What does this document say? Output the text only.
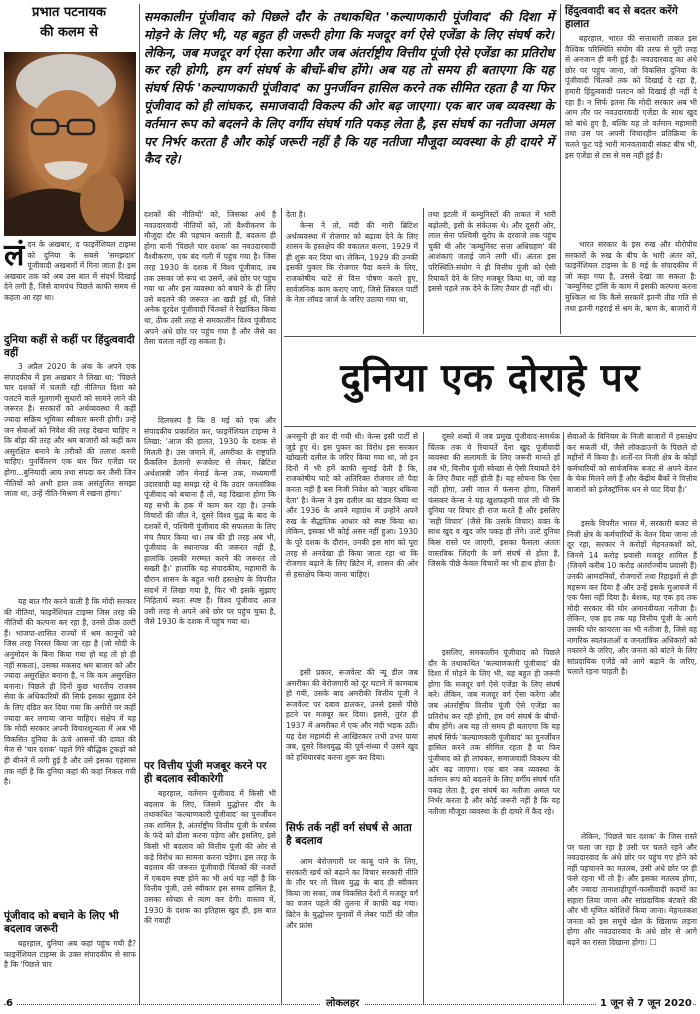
प्रभात पटनायक
की कलम से
लं दन के अखबार, द फाइनेंशियल टाइम्स को दुनिया के सबसे 'समझदार' पूंजीवादी अखबारों में गिना जाता है। इस अखबार तक को अब उस बात में संदर्भ दिखाई देने लगी है, जिसे वामपंथ पिछले काफी समय से कहता आ रहा था।
दुनिया कहीं से कहीं पर हिंदुत्ववादी वहीं
3 अप्रैल 2020 के अंक के अपने एक संपादकीय में इस अखबार ने लिखा था: 'पिछले चार दशकों में चलती रही नीतिगत दिशा को पलटने वाले मूलगामी सुधारों को सामने लाने की जरूरत है। सरकारों को अर्थव्यवस्था में कहीं ज्यादा सक्रिय भूमिका स्वीकार करनी होगी। उन्हें जन सेवाओं को निवेश की तरह देखना चाहिए न कि बोझ की तरह और श्रम बाजारों को कहीं कम असुरक्षित बनाने के तरीकों की तलाश करनी चाहिए। पुनर्वितरण एक बार फिर एजेंडा पर होगा...बुनियादी आय तथा संपदा कर जैसी जिन नीतियों को अभी हाल तक असंतुलित समझा जाता था, उन्हें नीति-मिश्रण में रखना होगा।'
यह बात गौर करने वाली है कि मोदी सरकार की नीतियां, फाइनेंशियल टाइम्स जिस तरह की नीतियों की कल्पना कर रहा है, उनसे ठीक उल्टी हैं। भाजपा-शासित राज्यों में श्रम कानूनों को जिस तरह निरस्त किया जा रहा है (जो मोदी के अनुमोदन के बिना किया गया हो यह तो हो ही नहीं सकता), उसका मकसद श्रम बाजार को और ज्यादा असुरक्षित बनाना है, न कि कम असुरक्षित बनाना। पिछले ही दिनों कुछ भारतीय राजस्व सेवा के अधिकारियों की सिर्फ इसका सुझाव देने के लिए दंडित कर दिया गया कि अमीरों पर कहीं ज्यादा कर लगाया जाना चाहिए। संक्षेप में यह कि मोदी सरकार अपनी विचारशून्यता में अब भी विकसित दुनिया के ऊंचे आसनों की दावत की मेज से 'चार दशक' पहले गिरे बौद्धिक टुकड़ों को ही बीनने में लगी हुई है और उसे इसका एहसास तक नहीं है कि दुनिया कहां की कहां निकल गयी है।
पूंजीवाद को बचाने के लिए भी बदलाव जरूरी
बहरहाल, दुनिया अब कहां पहुंच गयी है? फाइनेंशियल टाइम्स के उक्त संपादकीय से साफ है कि 'पिछले चार
समकालीन पूंजीवाद को पिछले दौर के तथाकथित 'कल्याणकारी पूंजीवाद' की दिशा में मोड़ने के लिए भी, यह बहुत ही जरूरी होगा कि मजदूर वर्ग ऐसे एजेंडा के लिए संघर्ष करे। लेकिन, जब मजदूर वर्ग ऐसा करेगा और जब अंतर्राष्ट्रीय वित्तीय पूंजी ऐसे एजेंडा का प्रतिरोध कर रही होगी, हम वर्ग संघर्ष के बीचों-बीच होंगे। अब यह तो समय ही बताएगा कि यह संघर्ष सिर्फ 'कल्याणकारी पूंजीवाद' का पुनर्जीवन हासिल करने तक सीमित रहता है या फिर पूंजीवाद को ही लांघकर, समाजवादी विकल्प की ओर बढ़ जाएगा। एक बार जब व्यवस्था के वर्तमान रूप को बदलने के लिए वर्गीय संघर्ष गति पकड़ लेता है, इस संघर्ष का नतीजा अमल पर निर्भर करता है और कोई जरूरी नहीं है कि यह नतीजा मौजूदा व्यवस्था के ही दायरे में कैद रहे।
हिंदुत्ववादी बद से बदतर करेंगे हालात
बहरहाल, भारत की सत्ताधारी ताकत इस वैश्विक परिस्थिति संयोग की तरफ से पूरी तरह से अनजान ही बनी हुई है। नवउदारवाद का अंधे छोर पर पहुंच जाना, जो विकसित दुनिया के पूंजीवादी चिंतकों तक को दिखाई दे रहा है, हमारी हिंदुत्ववादी पलटन को दिखाई ही नहीं दे रहा है। न सिर्फ इतना कि मोदी सरकार अब भी आम तौर पर नवउदारवादी एजेंडा के साथ खुद को बांधे हुए है, बल्कि यह तो वर्तमान महामारी तथा उस पर अपनी विचारहीन प्रतिक्रिया के चलते फूट पड़े भारी मानवतावादी संकट बीच भी, इस एजेंडा से टस से मस नहीं हुई है।
भारत सरकार के इस रुख और योरोपीय सरकारों के रुख के बीच के भारी अंतर को, फाइनेंशियल टाइम्स के 8 मई के संपादकीय में जो कहा गया है, उससे देखा जा सकता है: 'कम्युनिस्ट ट्रांसि के काम में इसकी कल्पना करना मुश्किल था कि कैसे सरकारें इतनी तीव्र गति से तथा इतनी गहराई से श्रम के, ऋण के, बाजारों में
दशकों की नीतियों' को, जिसका अर्थ है नवउदारवादी नीतियों को, जो वैश्वीकरण के मौजूदा दौर की पहचान कराती हैं, बदलना ही होगा यानी 'पिछले चार दशक' का नवउदारवादी वैश्वीकरण, एक बंद गली में पहुंच गया है। जिस तरह 1930 के दशक में विश्व पूंजीवाद, तब तक उसका जो रूप था उसमें, अंधे छोर पर पहुंच गया था और इस व्यवस्था को बचाने के ही लिए उसे बदलने की जरूरत आ खड़ी हुई थी, जिसे अनेक दूरदेश पूंजीवादी चिंतकों ने रेखांकित किया था, ठीक उसी तरह से समकालीन विश्व पूंजीवाद अपने अंधे छोर पर पहुंच गया है और जैसे का तैसा चलता नहीं रह सकता है।
दिलचस्प है कि 8 मई को एक और संपादकीय प्रकाशित कर, फाइनेंशियल टाइम्स ने लिखा: 'आज की हालत, 1930 के दशक से मिलती है। उस जमाने में, अमरीका के राष्ट्रपति फ्रैंकलिन डेलानो रूजवेल्ट से लेकर, ब्रिटिश अर्थशास्त्री जॉन मेनार्ड केन्स तक, मध्यमार्गी उदारवादी यह समझ रहे थे कि उदार जनतांत्रिक पूंजीवाद को बचाना है तो, यह दिखाना होगा कि यह सभी के हक में काम कर रहा है। उनके विचारों की जीत ने, दूसरे विश्व युद्ध के बाद के दशकों में, पश्चिमी पूंजीवाद की सफलता के लिए मंच तैयार किया था। तब की ही तरह अब भी, पूंजीवाद के स्थानापन्न की जरूरत नहीं है, हालांकि उसकी मरम्मत करने की जरूरत तो सख्ती है।' हालांकि यह संपादकीय, महामारी के दौरान शासन के बहुत भारी हस्तक्षेप के विपरीत संदर्भ में लिखा गया है, फिर भी इसके सुझाए निहितार्थ स्वतः स्पष्ट हैं। विश्व पूंजीवाद आज उसी तरह से अपने अंधे छोर पर पहुंच चुका है, जैसे 1930 के दशक में पहुंच गया था।
पर वित्तीय पूंजी मजबूर करने पर ही बदलाव स्वीकारेगी
बहरहाल, वर्तमान पूंजीवाद में किसी भी बदलाव के लिए, जिसमें युद्धोत्तर दौर के तथाकथित 'कल्याणकारी पूंजीवाद' का पुनर्जीवन तक शामिल है, अंतर्राष्ट्रीय वित्तीय पूंजी के वर्चस्व के फंदे को ढीला करना पड़ेगा और इसलिए, इसे किसी भी बदलाव को वित्तीय पूंजी की ओर से कड़े विरोध का सामना करना पड़ेगा। इस तरह के बदलाव की जरूरत पूंजीवादी चिंतकों की नजरों में एकदम स्पष्ट होने का भी अर्थ यह नहीं है कि वित्तीय पूंजी, उसे स्वीकार इस समय हासिल है, उसका स्वेच्छा से त्याग कर देगी। वास्तव में, 1930 के दशक का इतिहास खुद ही, इस बात की गवाही
देता है।
केन्स ने तो, मंदी की मारी ब्रिटिश अर्थव्यवस्था में रोजगार को बढ़ावा देने के लिए शासन के हस्तक्षेप की वकालत करना, 1929 में ही शुरू कर दिया था। लेकिन, 1929 की उनकी इसकी पुकार कि रोजगार पैदा करने के लिए, राजकोषीय घाटे से वित्त पोषण करते हुए, सार्वजनिक काम कराए जाएं, जिसे लिबरल पार्टी के नेता लॉयड जार्ज के जरिए उठाया गया था,
तथा इटली में कम्युनिस्टों की ताकत में भारी बढ़ोतरी, इसी के संकेतक थे। और दूसरी ओर, लाल सेना पश्चिमी यूरोप के दरवाजे तक पहुंच चुकी थी और 'कम्युनिस्ट सत्ता अधिग्रहण' की आशंकाएं जताई जाने लगी थीं। अंततः इस परिस्थिति-संयोग ने ही वित्तीय पूंजी को ऐसी रियायतें देने के लिए मजबूर किया था, जो वह इससे पहले तक देने के लिए तैयार ही नहीं थी।
दुनिया एक दोराहे पर
अनसुनी ही कर दी गयी थी। केन्स इसी पार्टी से जुड़े हुए थे। इस पुकार का विरोध इस सरकार खोखली दलील के जरिए किया गया था, जो इन दिनों में भी हमें काफी सुनाई देती है कि, राजकोषीय घाटे को अतिरिक्त रोजगार तो पैदा करता नहीं है बस निजी निवेश को 'बाहर धकिया देता' है। केन्स ने इस दलील का खंडन किया था और 1936 के अपने महाग्रंथ में उन्होंने अपने रुख के सैद्धांतिक आधार को स्पष्ट किया था। लेकिन, इसका भी कोई असर नहीं हुआ। 1930 के पूरे दशक के दौरान, उनकी इस मांग को पूरा तरह से अनदेखा ही किया जाता रहा था कि रोजगार बढ़ाने के लिए ब्रिटेन में, शासन की ओर से हस्तक्षेप किया जाना चाहिए।
इसी प्रकार, रूजवेल्ट की न्यू डील जब अमरीका की बेरोजगारी को दूर घटाने में कामयाब हो गयी, उसके बाद अमरीकी वित्तीय पूंजी ने रूजवेल्ट पर दबाव डालकर, उनसे इससे पीछे हटने पर मजबूर कर दिया। इससे, तुरंत ही 1937 में अमरीका में एक और मंदी भड़क उठी। यह देश महामंदी से आखिरकार तभी उभर पाया जब, दूसरे विश्वयुद्ध की पूर्व-संध्या में उसने खुद को हथियारबंद करना शुरू कर दिया।
सिर्फ तर्क नहीं वर्ग संघर्ष से आता है बदलाव
आम बेरोजगारी पर काबू पाने के लिए, सरकारी खर्च को बढ़ाने का विचार सरकारी नीति के तौर पर तो विश्व युद्ध के बाद ही स्वीकार किया जा सका, जब विकसित देशों में मजदूर वर्ग का वजन पहले की तुलना में काफी बढ़ गया। ब्रिटेन के युद्धोत्तर चुनावों में लेबर पार्टी की जीत और फ्रांस
दूसरे शब्दों में जब प्रमुख पूंजीवाद-समर्थक चिंतक तक ये रियायतें देना खुद पूंजीवादी व्यवस्था की सलामती के लिए जरूरी मानते हों तब भी, वित्तीय पूंजी स्वेच्छा से ऐसी रियायतें देने के लिए तैयार नहीं होती है। यह सोचना कि ऐसा नहीं होगा, उसी जाल में फंसना होगा, जिसमें फंसकर केन्स ने यह खुशफहमी पाल ली थी कि दुनिया पर विचार ही राज करते हैं और इसलिए 'सही विचार' (जैसे कि उसके विचार) वक्त के साथ खुद व खुद जोर पकड़ ही लेंगे। उल्टे दुनिया किस रास्ते पर जाएगी, इसका फैसला अंततः वास्तविक जिंदगी के वर्ग संघर्ष से होता है, जिसके पीछे केवल विचारों का भी हाथ होता है।
इसलिए, समकालीन पूंजीवाद को पिछले दौर के तथाकथित 'कल्याणकारी पूंजीवाद' की दिशा में मोड़ने के लिए भी, यह बहुत ही जरूरी होगा कि मजदूर वर्ग ऐसे एजेंडा के लिए संघर्ष करे। लेकिन, जब मजदूर वर्ग ऐसा करेगा और जब अंतर्राष्ट्रीय वित्तीय पूंजी ऐसे एजेंडा का प्रतिरोध कर रही होगी, हम वर्ग संघर्ष के बीचों-बीच होंगे। अब यह तो समय ही बताएगा कि यह संघर्ष सिर्फ 'कल्याणकारी पूंजीवाद' का पुनर्जीवन हासिल करने तक सीमित रहता है या फिर पूंजीवाद को ही लांघकर, समाजवादी विकल्प की ओर बढ़ जाएगा। एक बार जब व्यवस्था के वर्तमान रूप को बदलने के लिए वर्गीय संघर्ष गति पकड़ लेता है, इस संघर्ष का नतीजा अमल पर निर्भर करता है और कोई जरूरी नहीं है कि यह नतीजा मौजूदा व्यवस्था के ही दायरे में कैद रहे।
सेवाओं के विनियम के निजी बाजारों में हस्तक्षेप कर सकती थीं, जैसे लॉकडाउनों के पिछले दो महीनों में किया है। शर्तों-रत निजी क्षेत्र के कोड़ों कर्मचारियों को सार्वजनिक बजट से अपने वेतन के चेक मिलने लगे हैं और केंद्रीय बैंकों ने वित्तीय बाजारों को इलेक्ट्रॉनिक धन से पाट दिया है।'
इसके विपरीत भारत में, सरकारी बजट से निजी क्षेत्र के कर्मचारियों के वेतन दिया जाना तो दूर रहा, सरकार ने करोड़ों मेहनतकशों को, जिनमें 14 करोड़ प्रवासी मजदूर शामिल हैं (जिनमें करीब 10 करोड़ अंतर्राज्यीय प्रवासी हैं) उनकी आमदनियों, रोजगारों तथा रिहाइशों से ही महरूम कर दिया है और उन्हें इसके मुआवजे में एक पैसा नहीं दिया है। बेशक, यह एक हद तक मोदी सरकार की घोर अमानवीयता नतीजा है। लेकिन, एक हद तक यह वित्तीय पूंजी के आगे उसकी घोर कायरता का भी नतीजा है, जिसे वह नागरिक स्वतंत्रताओं व जनतांत्रिक अधिकारों को नकारने के जरिए, और जनता को बांटने के लिए सांप्रदायिक एजेंडे को आगे बढ़ाने के जरिए, चलाते रहना चाहती है।
लेकिन, 'पिछले चार दशक' के जिस रास्ते पर चला जा रहा है उसी पर चलते रहने और नवउदारवाद के अंधे छोर पर पहुंच गए होने को नहीं पहचानने का मतलब, उसी अंधे छोर पर ही फंसे रहना भी तो है। और इसका मतलब होगा, और ज्यादा तानाशाहीपूर्ण-फासीवादी कदमों का सहारा लिया जाना और सांप्रदायिक बंटवारे की और भी घृणित कोशिशें किया जाना। मेहनतकश जनता को इस समूचे खेल के खिलाफ लड़ना होगा और नवउदारवाद के अंधे छोर से आगे बढ़ने का रास्ता दिखाना होगा। ☐
6	लोकलहर	1 जून से 7 जून 2020
